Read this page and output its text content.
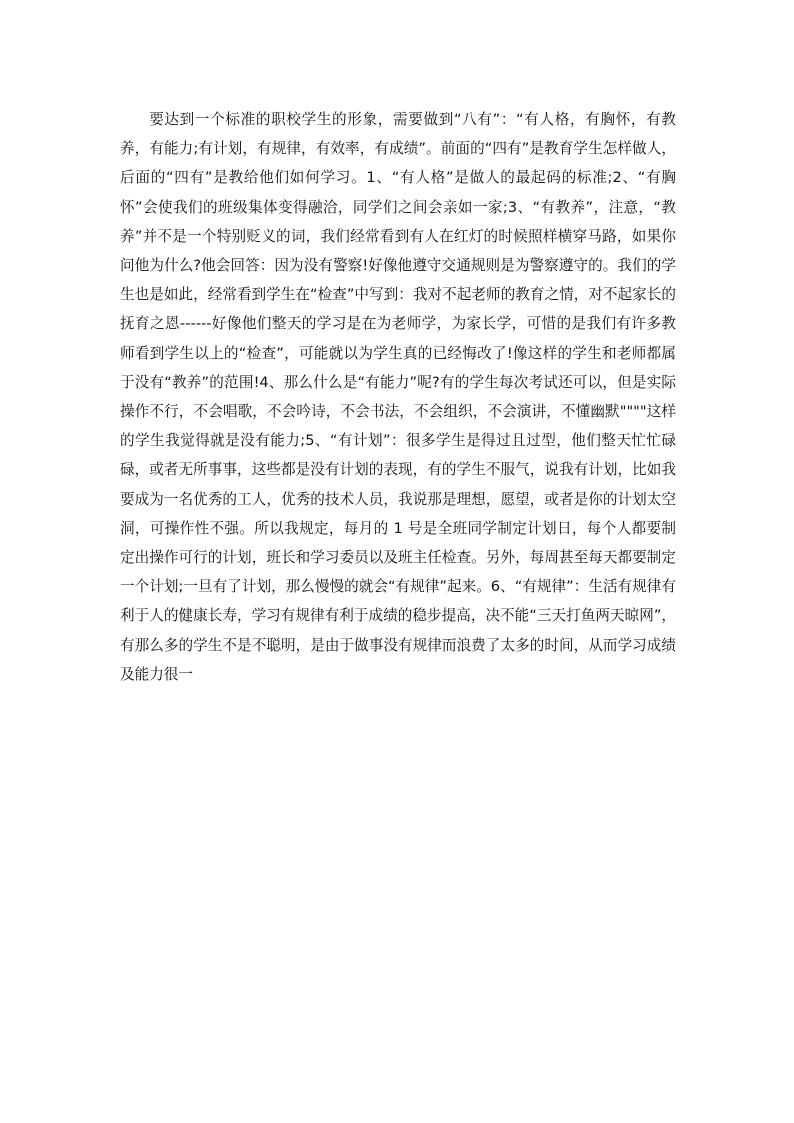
要达到一个标准的职校学生的形象，需要做到“八有”：“有人格，有胸怀，有教养，有能力;有计划，有规律，有效率，有成绩”。前面的“四有”是教育学生怎样做人，后面的“四有”是教给他们如何学习。1、“有人格”是做人的最起码的标准;2、“有胸怀”会使我们的班级集体变得融洽，同学们之间会亲如一家;3、“有教养”，注意，“教养”并不是一个特别贬义的词，我们经常看到有人在红灯的时候照样横穿马路，如果你问他为什么?他会回答：因为没有警察!好像他遵守交通规则是为警察遵守的。我们的学生也是如此，经常看到学生在“检查”中写到：我对不起老师的教育之情，对不起家长的抚育之恩------好像他们整天的学习是在为老师学，为家长学，可惜的是我们有许多教师看到学生以上的“检查”，可能就以为学生真的已经悔改了!像这样的学生和老师都属于没有“教养”的范围!4、那么什么是“有能力”呢?有的学生每次考试还可以，但是实际操作不行，不会唱歌，不会吟诗，不会书法，不会组织，不会演讲，不懂幽默""""这样的学生我觉得就是没有能力;5、“有计划”：很多学生是得过且过型，他们整天忙忙碌碌，或者无所事事，这些都是没有计划的表现，有的学生不服气，说我有计划，比如我要成为一名优秀的工人，优秀的技术人员，我说那是理想，愿望，或者是你的计划太空洞，可操作性不强。所以我规定，每月的 1 号是全班同学制定计划日，每个人都要制定出操作可行的计划，班长和学习委员以及班主任检查。另外，每周甚至每天都要制定一个计划;一旦有了计划，那么慢慢的就会“有规律”起来。6、“有规律”：生活有规律有利于人的健康长寿，学习有规律有利于成绩的稳步提高，决不能“三天打鱼两天晾网”，有那么多的学生不是不聪明，是由于做事没有规律而浪费了太多的时间，从而学习成绩及能力很一
